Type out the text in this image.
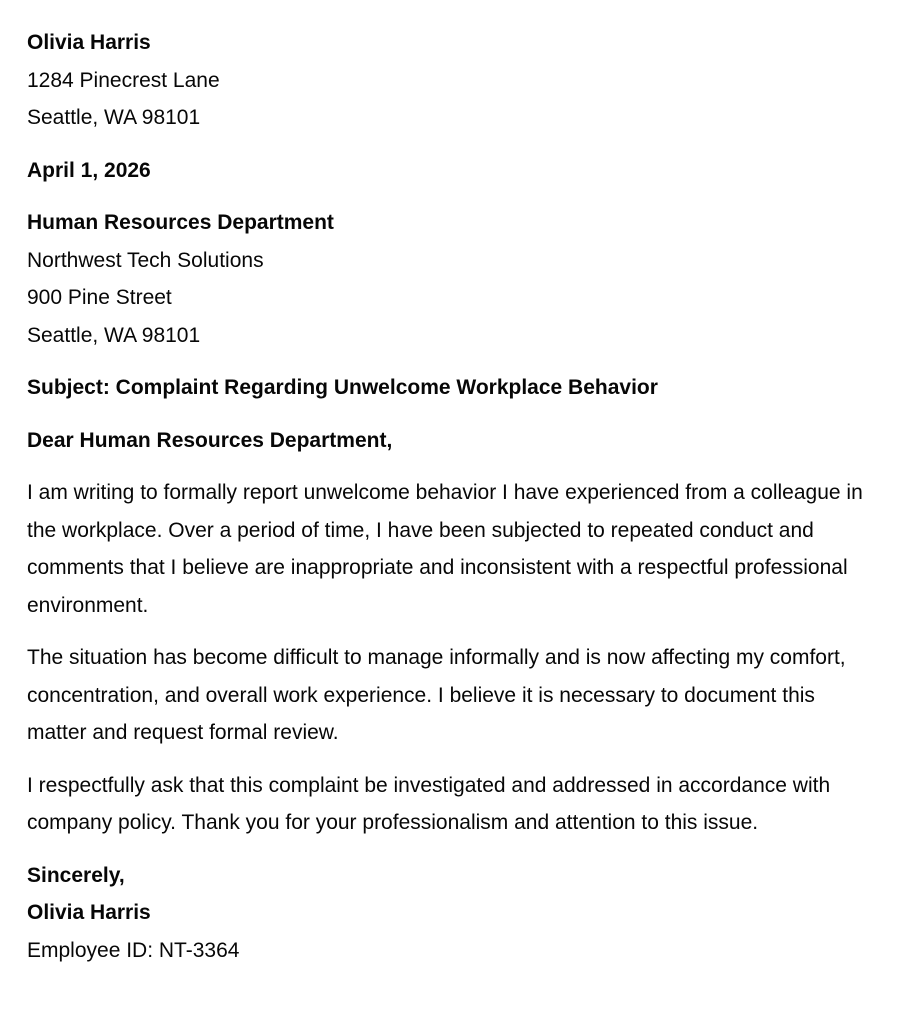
Olivia Harris
1284 Pinecrest Lane
Seattle, WA 98101
April 1, 2026
Human Resources Department
Northwest Tech Solutions
900 Pine Street
Seattle, WA 98101
Subject: Complaint Regarding Unwelcome Workplace Behavior
Dear Human Resources Department,

I am writing to formally report unwelcome behavior I have experienced from a colleague in the workplace. Over a period of time, I have been subjected to repeated conduct and comments that I believe are inappropriate and inconsistent with a respectful professional environment.

The situation has become difficult to manage informally and is now affecting my comfort, concentration, and overall work experience. I believe it is necessary to document this matter and request formal review.

I respectfully ask that this complaint be investigated and addressed in accordance with company policy. Thank you for your professionalism and attention to this issue.

Sincerely,
Olivia Harris
Employee ID: NT-3364
